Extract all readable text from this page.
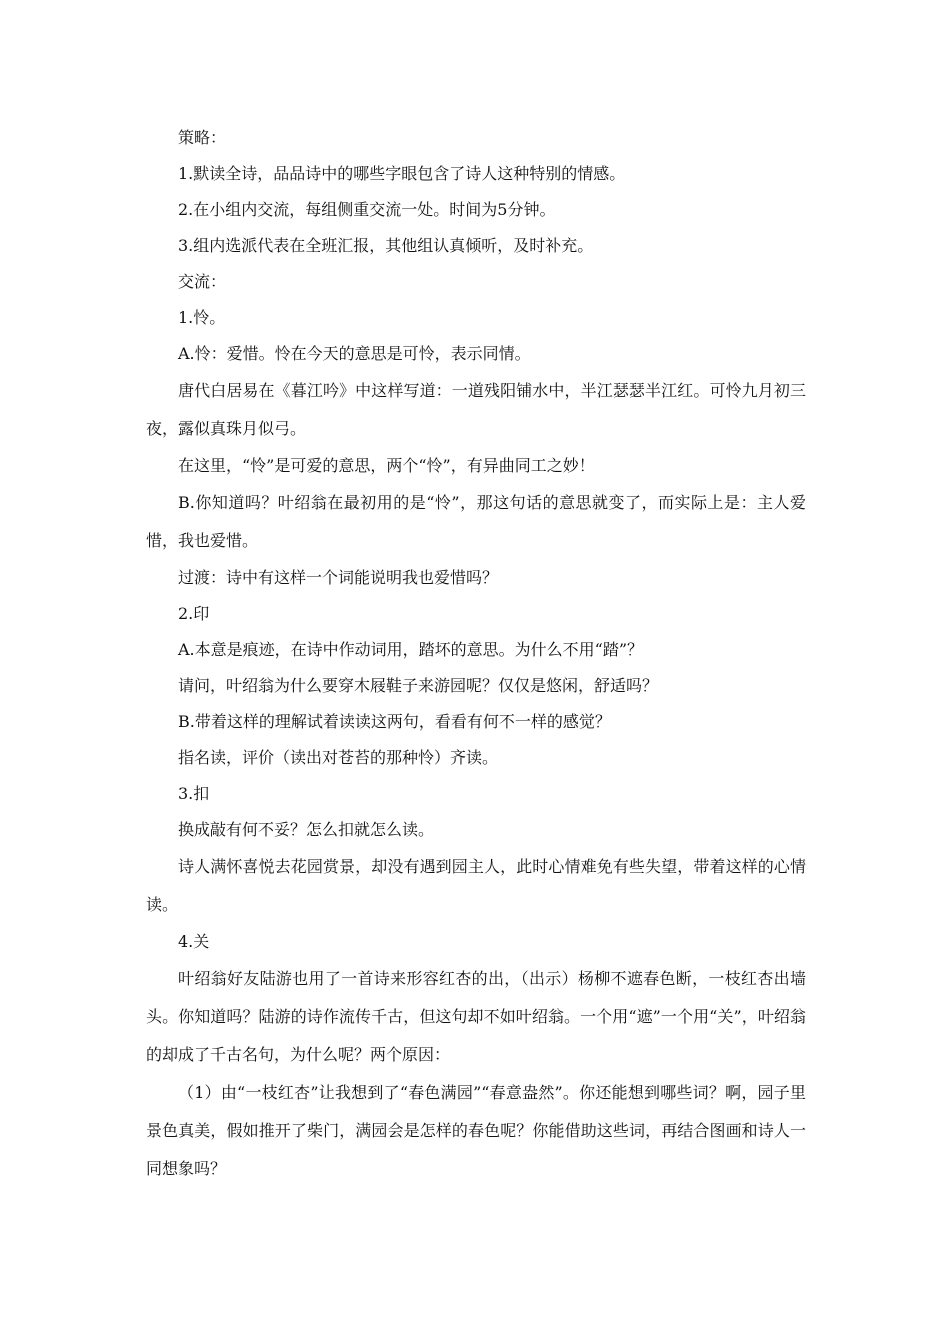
策略：

1.默读全诗，品品诗中的哪些字眼包含了诗人这种特别的情感。

2.在小组内交流，每组侧重交流一处。时间为5分钟。

3.组内选派代表在全班汇报，其他组认真倾听，及时补充。

交流：

1.怜。

A.怜：爱惜。怜在今天的意思是可怜，表示同情。

唐代白居易在《暮江吟》中这样写道：一道残阳铺水中，半江瑟瑟半江红。可怜九月初三夜，露似真珠月似弓。

在这里，“怜”是可爱的意思，两个“怜”，有异曲同工之妙！

B.你知道吗？叶绍翁在最初用的是“怜”，那这句话的意思就变了，而实际上是：主人爱惜，我也爱惜。

过渡：诗中有这样一个词能说明我也爱惜吗？

2.印

A.本意是痕迹，在诗中作动词用，踏坏的意思。为什么不用“踏”？

请问，叶绍翁为什么要穿木屐鞋子来游园呢？仅仅是悠闲，舒适吗？

B.带着这样的理解试着读读这两句，看看有何不一样的感觉？

指名读，评价（读出对苍苔的那种怜）齐读。

3.扣

换成敲有何不妥？怎么扣就怎么读。

诗人满怀喜悦去花园赏景，却没有遇到园主人，此时心情难免有些失望，带着这样的心情读。

4.关

叶绍翁好友陆游也用了一首诗来形容红杏的出，（出示）杨柳不遮春色断，一枝红杏出墙头。你知道吗？陆游的诗作流传千古，但这句却不如叶绍翁。一个用“遮”一个用“关”，叶绍翁的却成了千古名句，为什么呢？两个原因：

（1）由“一枝红杏”让我想到了“春色满园”“春意盎然”。你还能想到哪些词？啊，园子里景色真美，假如推开了柴门，满园会是怎样的春色呢？你能借助这些词，再结合图画和诗人一同想象吗？
